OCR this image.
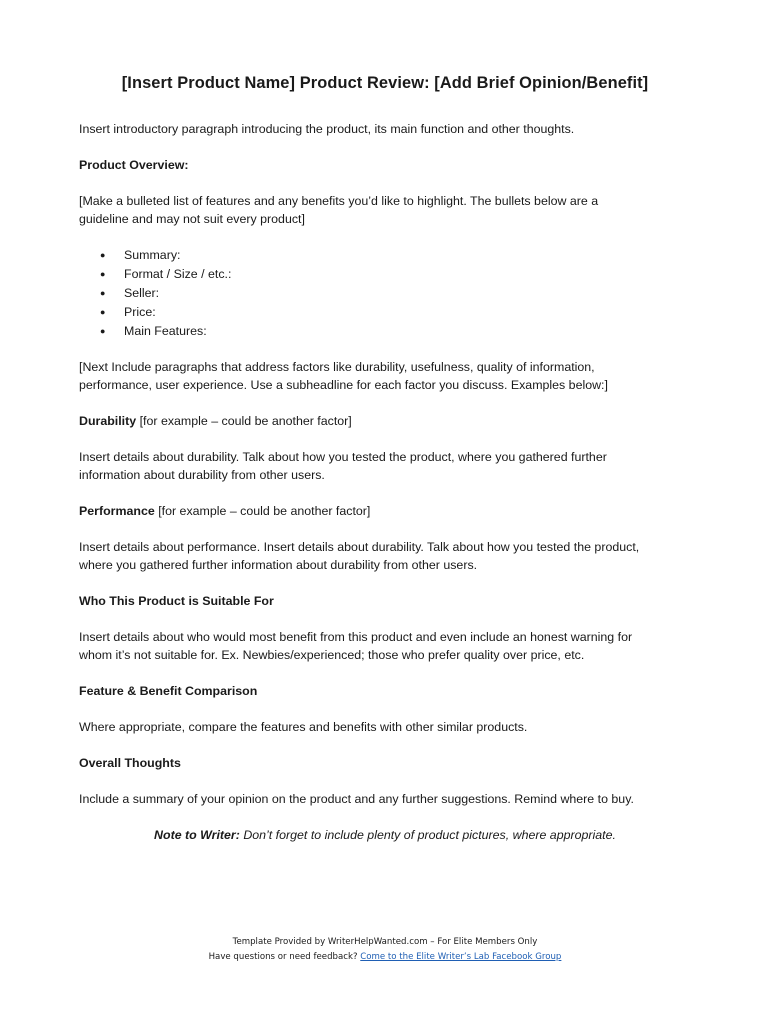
[Insert Product Name] Product Review: [Add Brief Opinion/Benefit]

Insert introductory paragraph introducing the product, its main function and other thoughts.

Product Overview:

[Make a bulleted list of features and any benefits you’d like to highlight. The bullets below are a

guideline and may not suit every product]

● Summary:
● Format / Size / etc.:
● Seller:
● Price:
● Main Features:

[Next Include paragraphs that address factors like durability, usefulness, quality of information,

performance, user experience. Use a subheadline for each factor you discuss. Examples below:]

Durability [for example – could be another factor]

Insert details about durability. Talk about how you tested the product, where you gathered further

information about durability from other users.

Performance [for example – could be another factor]

Insert details about performance. Insert details about durability. Talk about how you tested the product,

where you gathered further information about durability from other users.

Who This Product is Suitable For

Insert details about who would most benefit from this product and even include an honest warning for

whom it’s not suitable for. Ex. Newbies/experienced; those who prefer quality over price, etc.

Feature & Benefit Comparison

Where appropriate, compare the features and benefits with other similar products.

Overall Thoughts

Include a summary of your opinion on the product and any further suggestions. Remind where to buy.

Note to Writer: Don’t forget to include plenty of product pictures, where appropriate.

Template Provided by WriterHelpWanted.com – For Elite Members Only

Have questions or need feedback? Come to the Elite Writer’s Lab Facebook Group
